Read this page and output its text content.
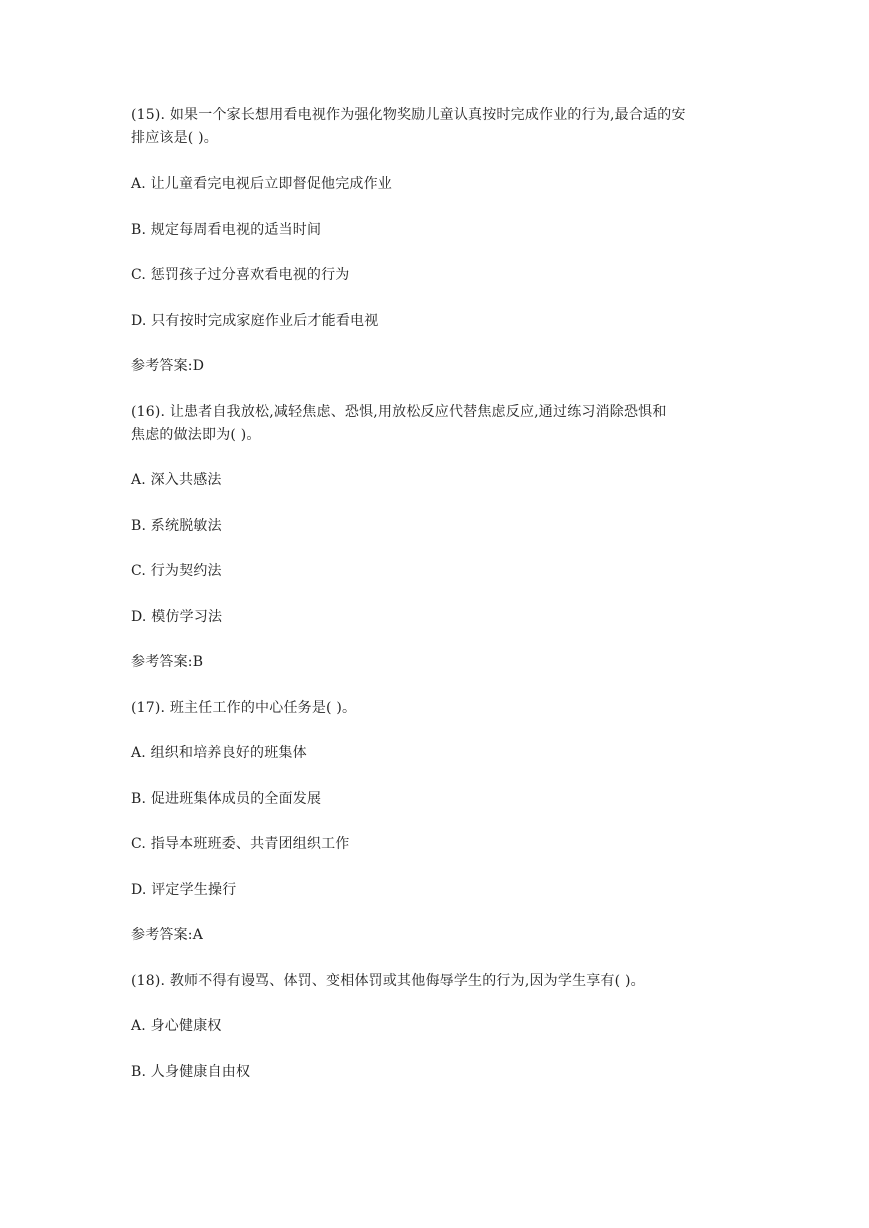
(15). 如果一个家长想用看电视作为强化物奖励儿童认真按时完成作业的行为,最合适的安
排应该是( )。
A. 让儿童看完电视后立即督促他完成作业
B. 规定每周看电视的适当时间
C. 惩罚孩子过分喜欢看电视的行为
D. 只有按时完成家庭作业后才能看电视
参考答案:D
(16). 让患者自我放松,减轻焦虑、恐惧,用放松反应代替焦虑反应,通过练习消除恐惧和
焦虑的做法即为( )。
A. 深入共感法
B. 系统脱敏法
C. 行为契约法
D. 模仿学习法
参考答案:B
(17). 班主任工作的中心任务是( )。
A. 组织和培养良好的班集体
B. 促进班集体成员的全面发展
C. 指导本班班委、共青团组织工作
D. 评定学生操行
参考答案:A
(18). 教师不得有谩骂、体罚、变相体罚或其他侮辱学生的行为,因为学生享有( )。
A. 身心健康权
B. 人身健康自由权
